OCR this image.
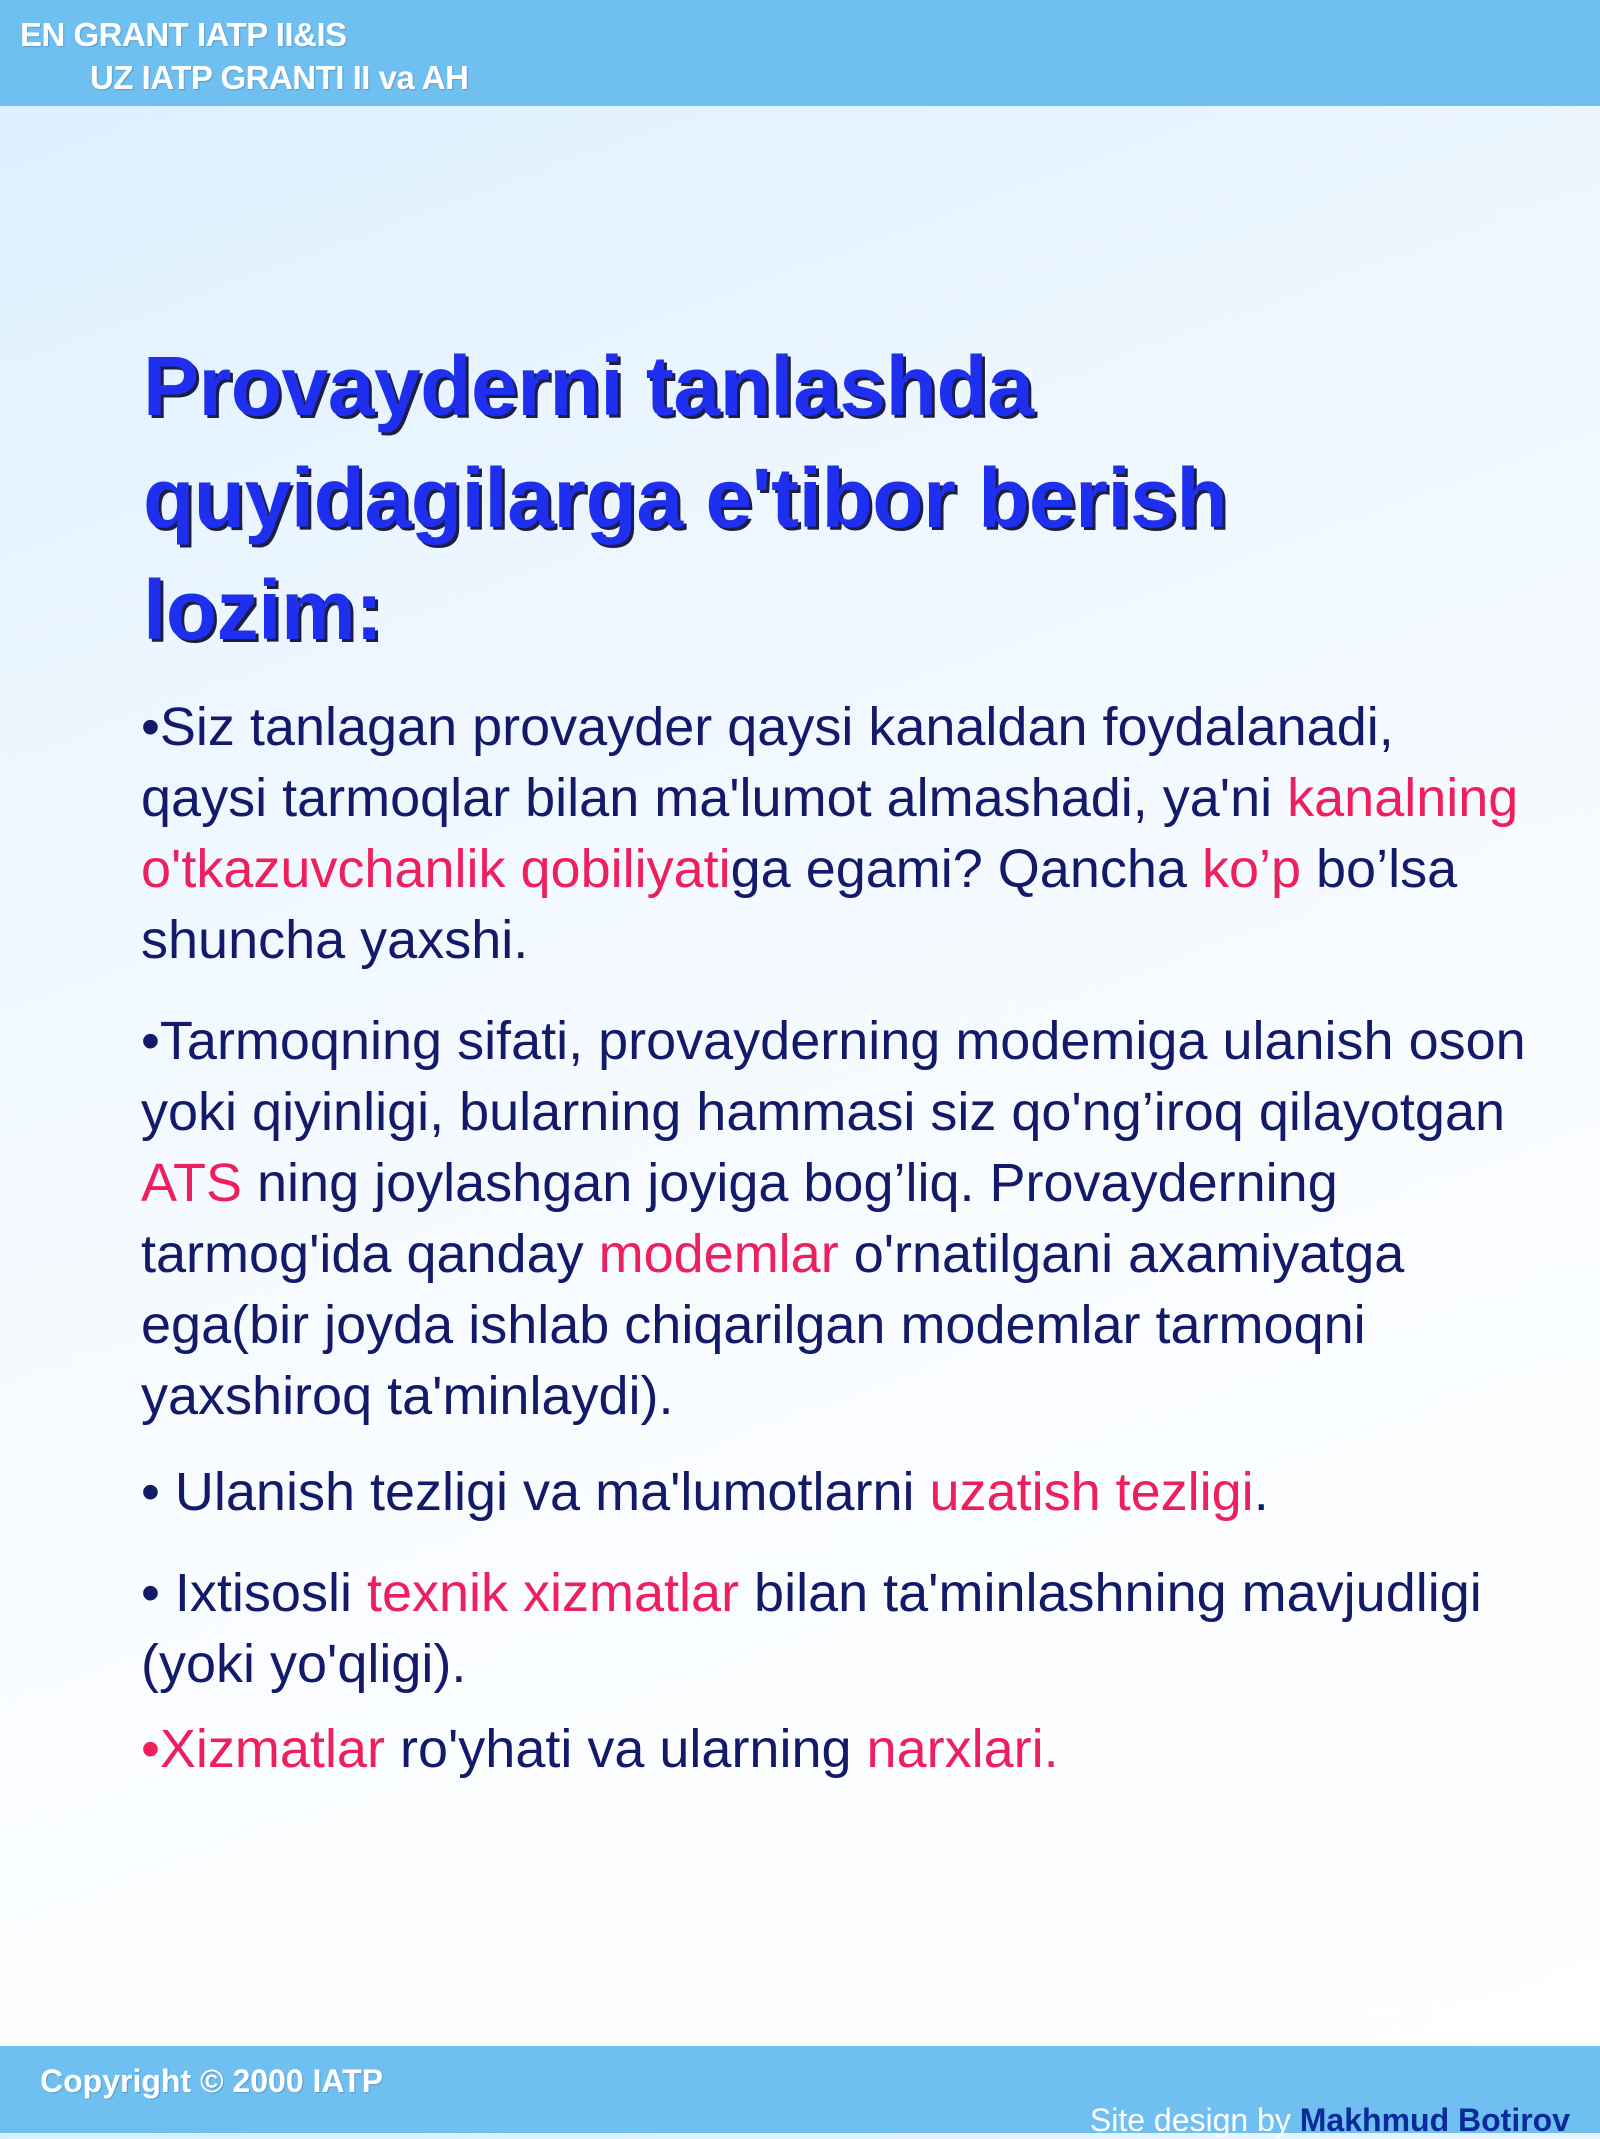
EN GRANT IATP II&IS
UZ IATP GRANTI II va AH
Provayderni tanlashda
quyidagilarga e'tibor berish
lozim:

•Siz tanlagan provayder qaysi kanaldan foydalanadi, qaysi tarmoqlar bilan ma'lumot almashadi, ya'ni kanalning o'tkazuvchanlik qobiliyatiga egami? Qancha ko’p bo’lsa shuncha yaxshi.

•Tarmoqning sifati, provayderning modemiga ulanish oson yoki qiyinligi, bularning hammasi siz qo'ng’iroq qilayotgan ATS ning joylashgan joyiga bog’liq. Provayderning tarmog'ida qanday modemlar o'rnatilgani axamiyatga ega(bir joyda ishlab chiqarilgan modemlar tarmoqni yaxshiroq ta'minlaydi).

• Ulanish tezligi va ma'lumotlarni uzatish tezligi.

• Ixtisosli texnik xizmatlar bilan ta'minlashning mavjudligi (yoki yo'qligi).

•Xizmatlar ro'yhati va ularning narxlari.

Copyright © 2000 IATP
Site design by Makhmud Botirov
